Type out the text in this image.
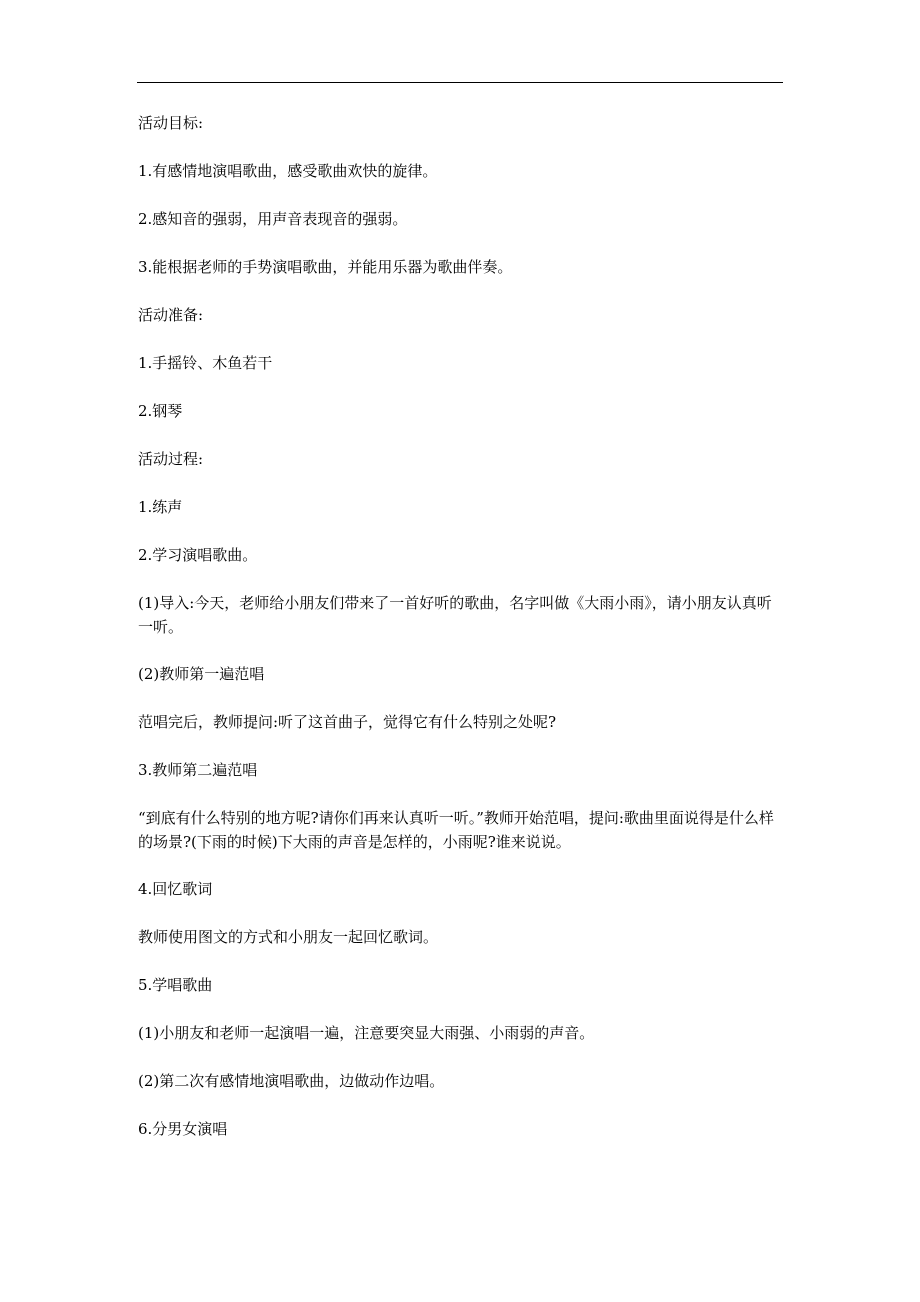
活动目标:

1.有感情地演唱歌曲，感受歌曲欢快的旋律。

2.感知音的强弱，用声音表现音的强弱。

3.能根据老师的手势演唱歌曲，并能用乐器为歌曲伴奏。

活动准备:

1.手摇铃、木鱼若干

2.钢琴

活动过程:

1.练声

2.学习演唱歌曲。

(1)导入:今天，老师给小朋友们带来了一首好听的歌曲，名字叫做《大雨小雨》，请小朋友认真听一听。

(2)教师第一遍范唱

范唱完后，教师提问:听了这首曲子，觉得它有什么特别之处呢?

3.教师第二遍范唱

“到底有什么特别的地方呢?请你们再来认真听一听。”教师开始范唱，提问:歌曲里面说得是什么样的场景?(下雨的时候)下大雨的声音是怎样的，小雨呢?谁来说说。

4.回忆歌词

教师使用图文的方式和小朋友一起回忆歌词。

5.学唱歌曲

(1)小朋友和老师一起演唱一遍，注意要突显大雨强、小雨弱的声音。

(2)第二次有感情地演唱歌曲，边做动作边唱。

6.分男女演唱
